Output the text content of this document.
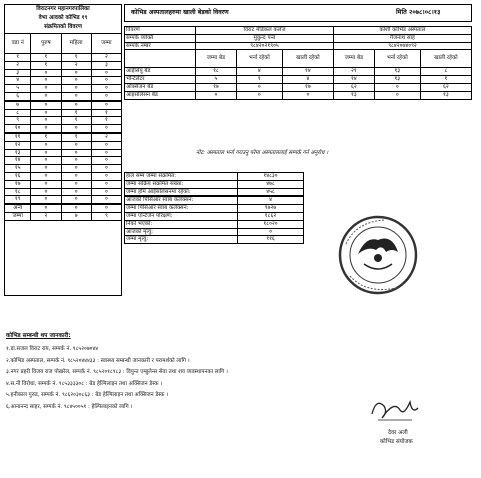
विराटनगर महानगरपालिका
वेभा आवको कोभिड १९
संक्रमितको विवरण
वडा नं	पुरुष	महिला	जम्मा
१	१	१	२
२	१	२	३
३	०	०	०
४	०	०	०
५	०	०	०
६	०	०	०
७	०	०	०
८	०	१	१
९	०	१	१
१०	०	०	०
११	१	१	२
१२	०	०	०
१३	०	०	०
१४	०	०	०
१५	०	०	०
१६	०	०	०
१७	०	०	०
१८	०	०	०
१९	०	०	०
अन्य	०	०	०
जम्मा	२	७	९
कोभिड अस्पतालहरुमा खाली बेडको विवरण	मिति २०७८।०८।१३
विवरण	विराट मेडिकल कलेज			कोशी कोभिड अस्पताल		
सम्पर्क व्यक्ति	मुकुन्द पन्त			गैजनाथ साह		
सम्पर्क नम्बर	९८४२०२१९०५			९८४२०७४०९२		
	जम्मा बेड	भर्ना रहेको	खाली रहेको	जम्मा बेड	भर्ना रहेको	खाली रहेको
आईसियु बेड	१८	४	१४	२१	१३	८
भेन्टिलेटर	५	१	४	१४	१३	१
अक्सिजन बेड	१७	०	१७	६२	०	६२
आइसोलेसन बेड	०	०	०	१३	०	१३
नोट: अस्पताल भर्ना गराउनु परेमा अस्पताललाई सम्पर्क गर्न अनुरोध ।
हाल सम्म जम्मा संक्रमित:	१४८३०
जम्मा सक्रिय संक्रमित संख्या:	४७८
जम्मा होम आईसोलेसनमा रहेको:	४५८
आजको पिसिआर स्वाब कलेक्सन:	४
जम्मा पिसिआर स्वाब कलेक्सन:	९७२७
जम्मा एन्टिजेन परिक्षण:	१८६२
निको भएको:	१८०२०
आजको मृत्यु:	०
जम्मा मृत्यु:	११६
कोभिड सम्बन्धी थप जानकारी:
१.डा.सजल विराट राय, सम्पर्क नं. ९८५२०७०४४
२.कोभिड अस्पताल, सम्पर्क नं. ९८५२०४४४३३ : स्वास्थ्य सम्बन्धी जानकारी र परामर्शको लागि ।
३.नगर प्रहरी विजय राज पोखरेल, सम्पर्क नं. ९८५२०१८९८३ : विपुन्त एम्बुलेन्स सेवा तथा शव व्यवस्थापनका लागि ।
४.स.नी विरोधा, सम्पर्क नं. ९८५३३३३०८ : बेड हेल्पिलाइन तथा अक्सिजन डेस्क ।
५.हनीकाल गुरुड, सम्पर्क नं. ९८६२०३०८६३ : बेड हेल्पिलाइन तथा अक्सिजन डेस्क ।
६.आनानन्द साहर, सम्पर्क नं. ९८४५००५१ : हेल्पिलाइनको लागि ।
देवर अली
कोभिड संयोजक
